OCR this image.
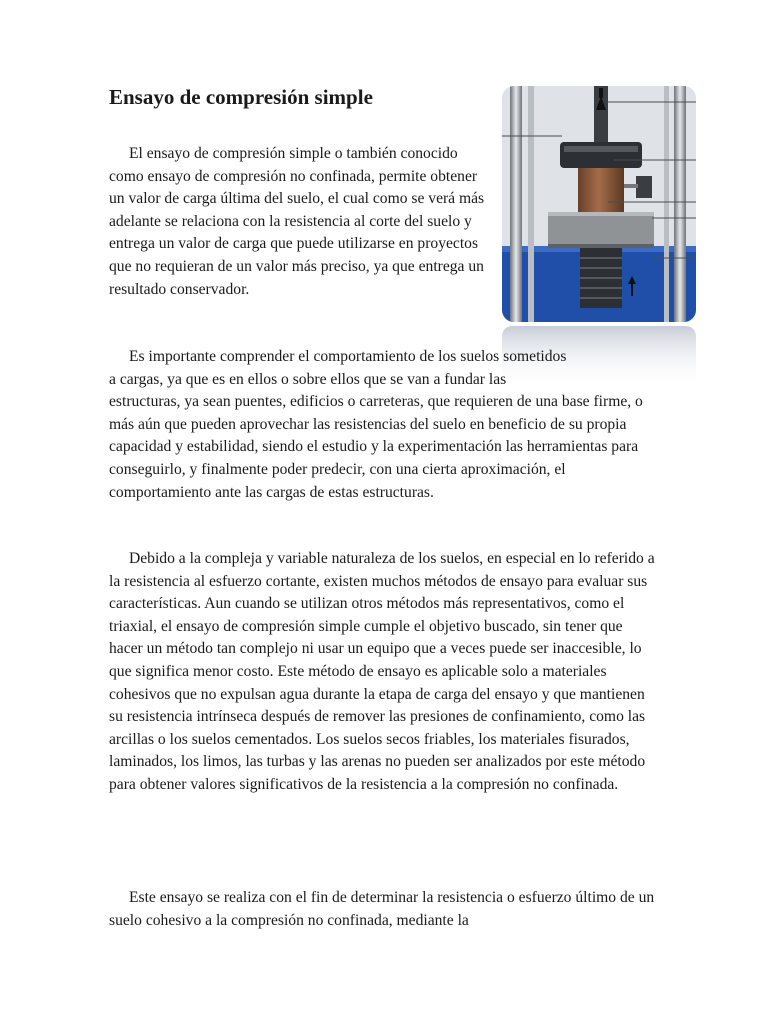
Ensayo de compresión simple

El ensayo de compresión simple o también conocido como ensayo de compresión no confinada, permite obtener un valor de carga última del suelo, el cual como se verá más adelante se relaciona con la resistencia al corte del suelo y entrega un valor de carga que puede utilizarse en proyectos que no requieran de un valor más preciso, ya que entrega un resultado conservador.

Es importante comprender el comportamiento de los suelos sometidos a cargas, ya que es en ellos o sobre ellos que se van a fundar las estructuras, ya sean puentes, edificios o carreteras, que requieren de una base firme, o más aún que pueden aprovechar las resistencias del suelo en beneficio de su propia capacidad y estabilidad, siendo el estudio y la experimentación las herramientas para conseguirlo, y finalmente poder predecir, con una cierta aproximación, el comportamiento ante las cargas de estas estructuras.

Debido a la compleja y variable naturaleza de los suelos, en especial en lo referido a la resistencia al esfuerzo cortante, existen muchos métodos de ensayo para evaluar sus características. Aun cuando se utilizan otros métodos más representativos, como el triaxial, el ensayo de compresión simple cumple el objetivo buscado, sin tener que hacer un método tan complejo ni usar un equipo que a veces puede ser inaccesible, lo que significa menor costo. Este método de ensayo es aplicable solo a materiales cohesivos que no expulsan agua durante la etapa de carga del ensayo y que mantienen su resistencia intrínseca después de remover las presiones de confinamiento, como las arcillas o los suelos cementados. Los suelos secos friables, los materiales fisurados, laminados, los limos, las turbas y las arenas no pueden ser analizados por este método para obtener valores significativos de la resistencia a la compresión no confinada.

Este ensayo se realiza con el fin de determinar la resistencia o esfuerzo último de un suelo cohesivo a la compresión no confinada, mediante la
